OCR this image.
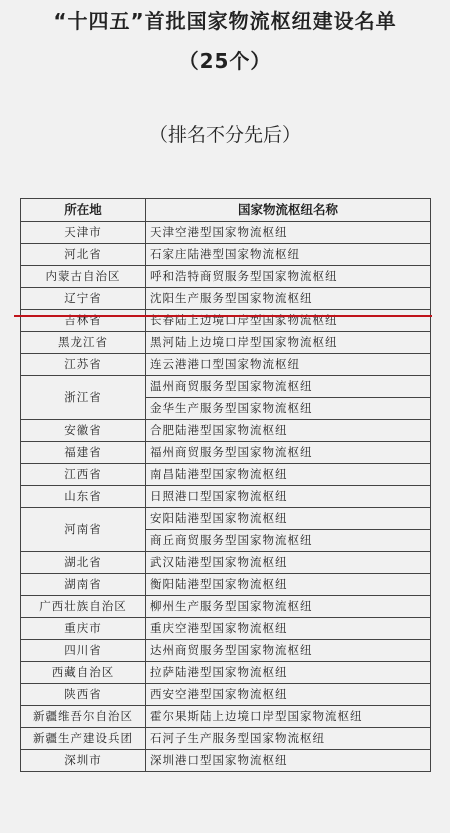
“十四五”首批国家物流枢纽建设名单
（25个）
（排名不分先后）
所在地	国家物流枢纽名称
天津市	天津空港型国家物流枢纽
河北省	石家庄陆港型国家物流枢纽
内蒙古自治区	呼和浩特商贸服务型国家物流枢纽
辽宁省	沈阳生产服务型国家物流枢纽
吉林省	长春陆上边境口岸型国家物流枢纽
黑龙江省	黑河陆上边境口岸型国家物流枢纽
江苏省	连云港港口型国家物流枢纽
浙江省	温州商贸服务型国家物流枢纽
	金华生产服务型国家物流枢纽
安徽省	合肥陆港型国家物流枢纽
福建省	福州商贸服务型国家物流枢纽
江西省	南昌陆港型国家物流枢纽
山东省	日照港口型国家物流枢纽
河南省	安阳陆港型国家物流枢纽
	商丘商贸服务型国家物流枢纽
湖北省	武汉陆港型国家物流枢纽
湖南省	衡阳陆港型国家物流枢纽
广西壮族自治区	柳州生产服务型国家物流枢纽
重庆市	重庆空港型国家物流枢纽
四川省	达州商贸服务型国家物流枢纽
西藏自治区	拉萨陆港型国家物流枢纽
陕西省	西安空港型国家物流枢纽
新疆维吾尔自治区	霍尔果斯陆上边境口岸型国家物流枢纽
新疆生产建设兵团	石河子生产服务型国家物流枢纽
深圳市	深圳港口型国家物流枢纽
